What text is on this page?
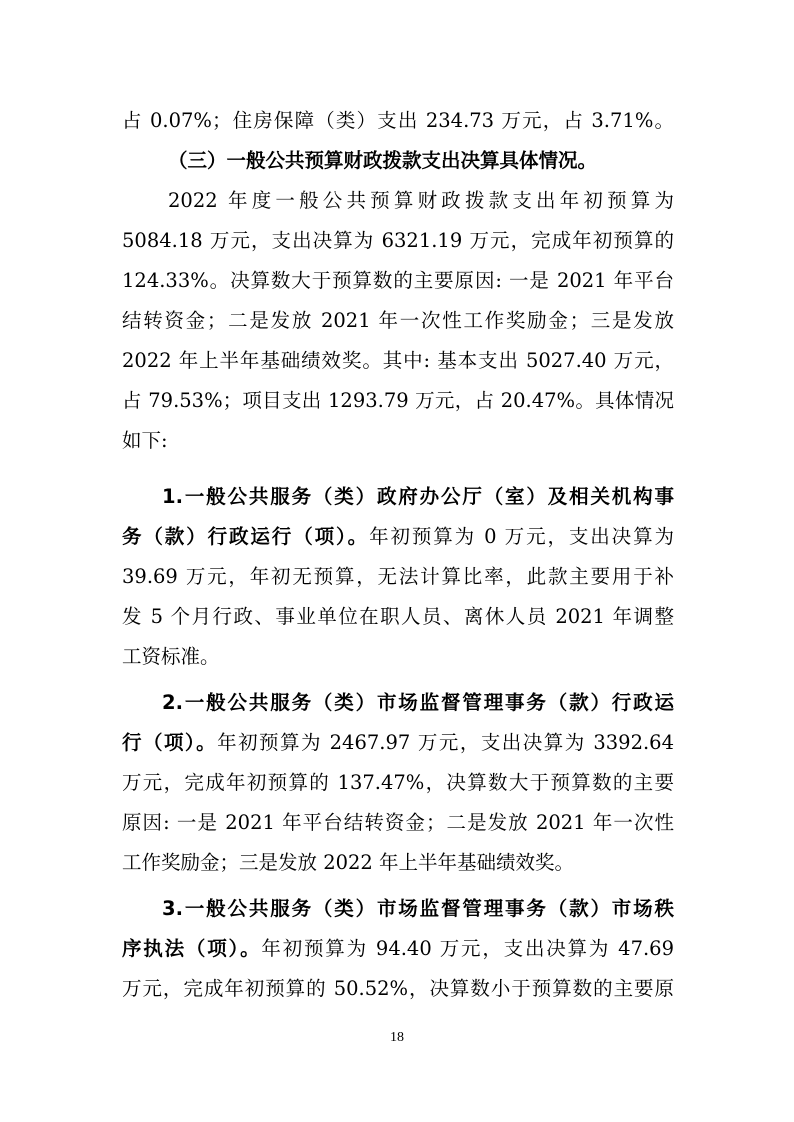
占 0.07%；住房保障（类）支出 234.73 万元，占 3.71%。
（三）一般公共预算财政拨款支出决算具体情况。
2022 年度一般公共预算财政拨款支出年初预算为
5084.18 万元，支出决算为 6321.19 万元，完成年初预算的
124.33%。决算数大于预算数的主要原因: 一是 2021 年平台
结转资金；二是发放 2021 年一次性工作奖励金；三是发放
2022 年上半年基础绩效奖。其中: 基本支出 5027.40 万元，
占 79.53%；项目支出 1293.79 万元，占 20.47%。具体情况
如下:
1.一般公共服务（类）政府办公厅（室）及相关机构事
务（款）行政运行（项）。年初预算为 0 万元，支出决算为
39.69 万元，年初无预算，无法计算比率，此款主要用于补
发 5 个月行政、事业单位在职人员、离休人员 2021 年调整
工资标准。
2.一般公共服务（类）市场监督管理事务（款）行政运
行（项）。年初预算为 2467.97 万元，支出决算为 3392.64
万元，完成年初预算的 137.47%，决算数大于预算数的主要
原因: 一是 2021 年平台结转资金；二是发放 2021 年一次性
工作奖励金；三是发放 2022 年上半年基础绩效奖。
3.一般公共服务（类）市场监督管理事务（款）市场秩
序执法（项）。年初预算为 94.40 万元，支出决算为 47.69
万元，完成年初预算的 50.52%，决算数小于预算数的主要原
18
